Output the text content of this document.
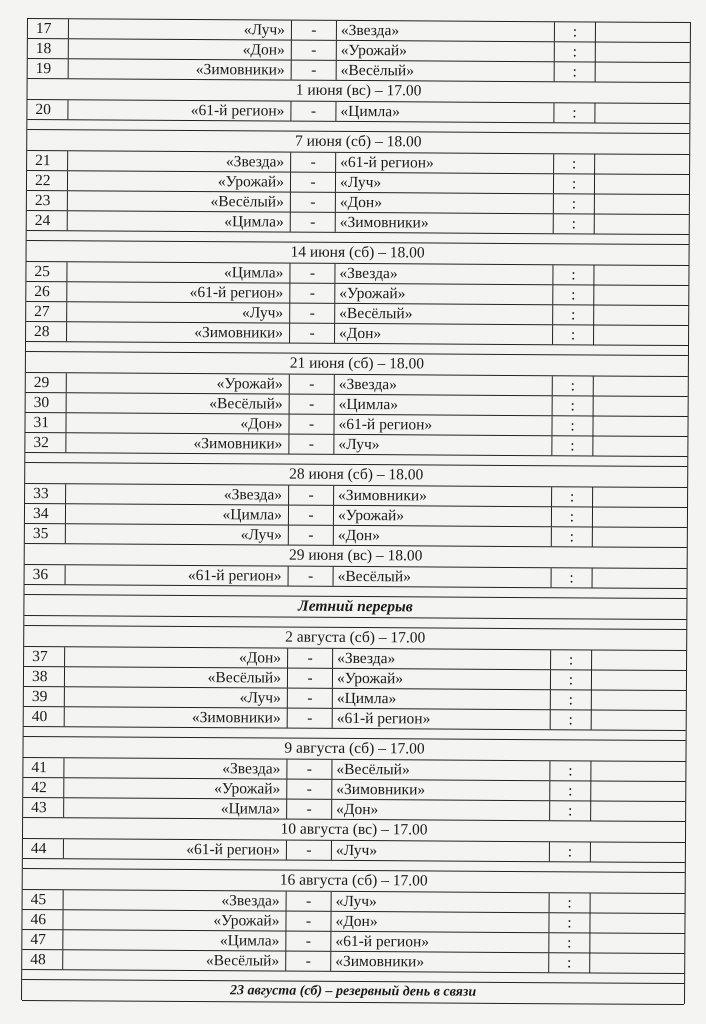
17	«Луч»	-	«Звезда»	:
18	«Дон»	-	«Урожай»	:
19	«Зимовники»	-	«Весёлый»	:
1 июня (вс) – 17.00
20	«61-й регион»	-	«Цимла»	:
7 июня (сб) – 18.00
21	«Звезда»	-	«61-й регион»	:
22	«Урожай»	-	«Луч»	:
23	«Весёлый»	-	«Дон»	:
24	«Цимла»	-	«Зимовники»	:
14 июня (сб) – 18.00
25	«Цимла»	-	«Звезда»	:
26	«61-й регион»	-	«Урожай»	:
27	«Луч»	-	«Весёлый»	:
28	«Зимовники»	-	«Дон»	:
21 июня (сб) – 18.00
29	«Урожай»	-	«Звезда»	:
30	«Весёлый»	-	«Цимла»	:
31	«Дон»	-	«61-й регион»	:
32	«Зимовники»	-	«Луч»	:
28 июня (сб) – 18.00
33	«Звезда»	-	«Зимовники»	:
34	«Цимла»	-	«Урожай»	:
35	«Луч»	-	«Дон»	:
29 июня (вс) – 18.00
36	«61-й регион»	-	«Весёлый»	:
Летний перерыв
2 августа (сб) – 17.00
37	«Дон»	-	«Звезда»	:
38	«Весёлый»	-	«Урожай»	:
39	«Луч»	-	«Цимла»	:
40	«Зимовники»	-	«61-й регион»	:
9 августа (сб) – 17.00
41	«Звезда»	-	«Весёлый»	:
42	«Урожай»	-	«Зимовники»	:
43	«Цимла»	-	«Дон»	:
10 августа (вс) – 17.00
44	«61-й регион»	-	«Луч»	:
16 августа (сб) – 17.00
45	«Звезда»	-	«Луч»	:
46	«Урожай»	-	«Дон»	:
47	«Цимла»	-	«61-й регион»	:
48	«Весёлый»	-	«Зимовники»	:
23 августа (сб) – резервный день в связи
